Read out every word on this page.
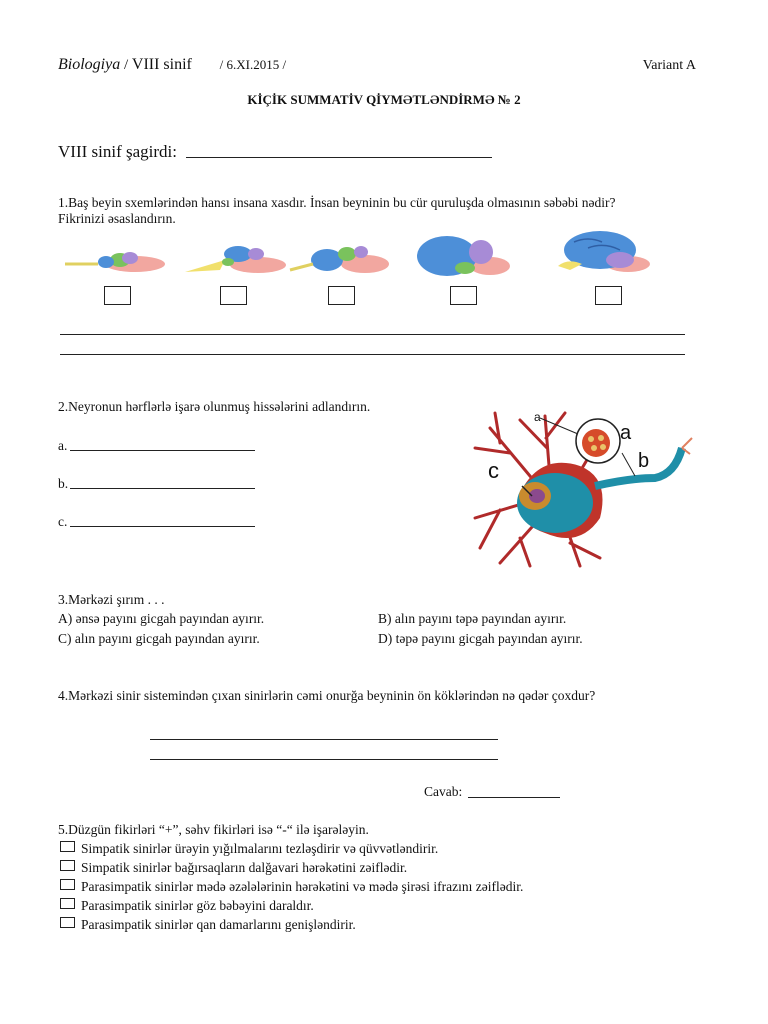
Biologiya / VIII sinif / 6.XI.2015 /	Variant A
KİÇİK SUMMATİV QİYMƏTLƏNDİRMƏ № 2
VIII sinif şagirdi:
1.Baş beyin sxemlərindən hansı insana xasdır. İnsan beyninin bu cür quruluşda olmasının səbəbi nədir?
Fikrinizi əsaslandırın.
2.Neyronun hərflərlə işarə olunmuş hissələrini adlandırın.
a.
b.
c.
a
a
b
c
3.Mərkəzi şırım . . .
A) ənsə payını gicgah payından ayırır.	B) alın payını təpə payından ayırır.
C) alın payını gicgah payından ayırır.	D) təpə payını gicgah payından ayırır.
4.Mərkəzi sinir sistemindən çıxan sinirlərin cəmi onurğa beyninin ön köklərindən nə qədər çoxdur?
Cavab:
5.Düzgün fikirləri “+”, səhv fikirləri isə “-“ ilə işarələyin.
Simpatik sinirlər ürəyin yığılmalarını tezləşdirir və qüvvətləndirir.
Simpatik sinirlər bağırsaqların dalğavari hərəkətini zəiflədir.
Parasimpatik sinirlər mədə əzələlərinin hərəkətini və mədə şirəsi ifrazını zəiflədir.
Parasimpatik sinirlər göz bəbəyini daraldır.
Parasimpatik sinirlər qan damarlarını genişləndirir.
